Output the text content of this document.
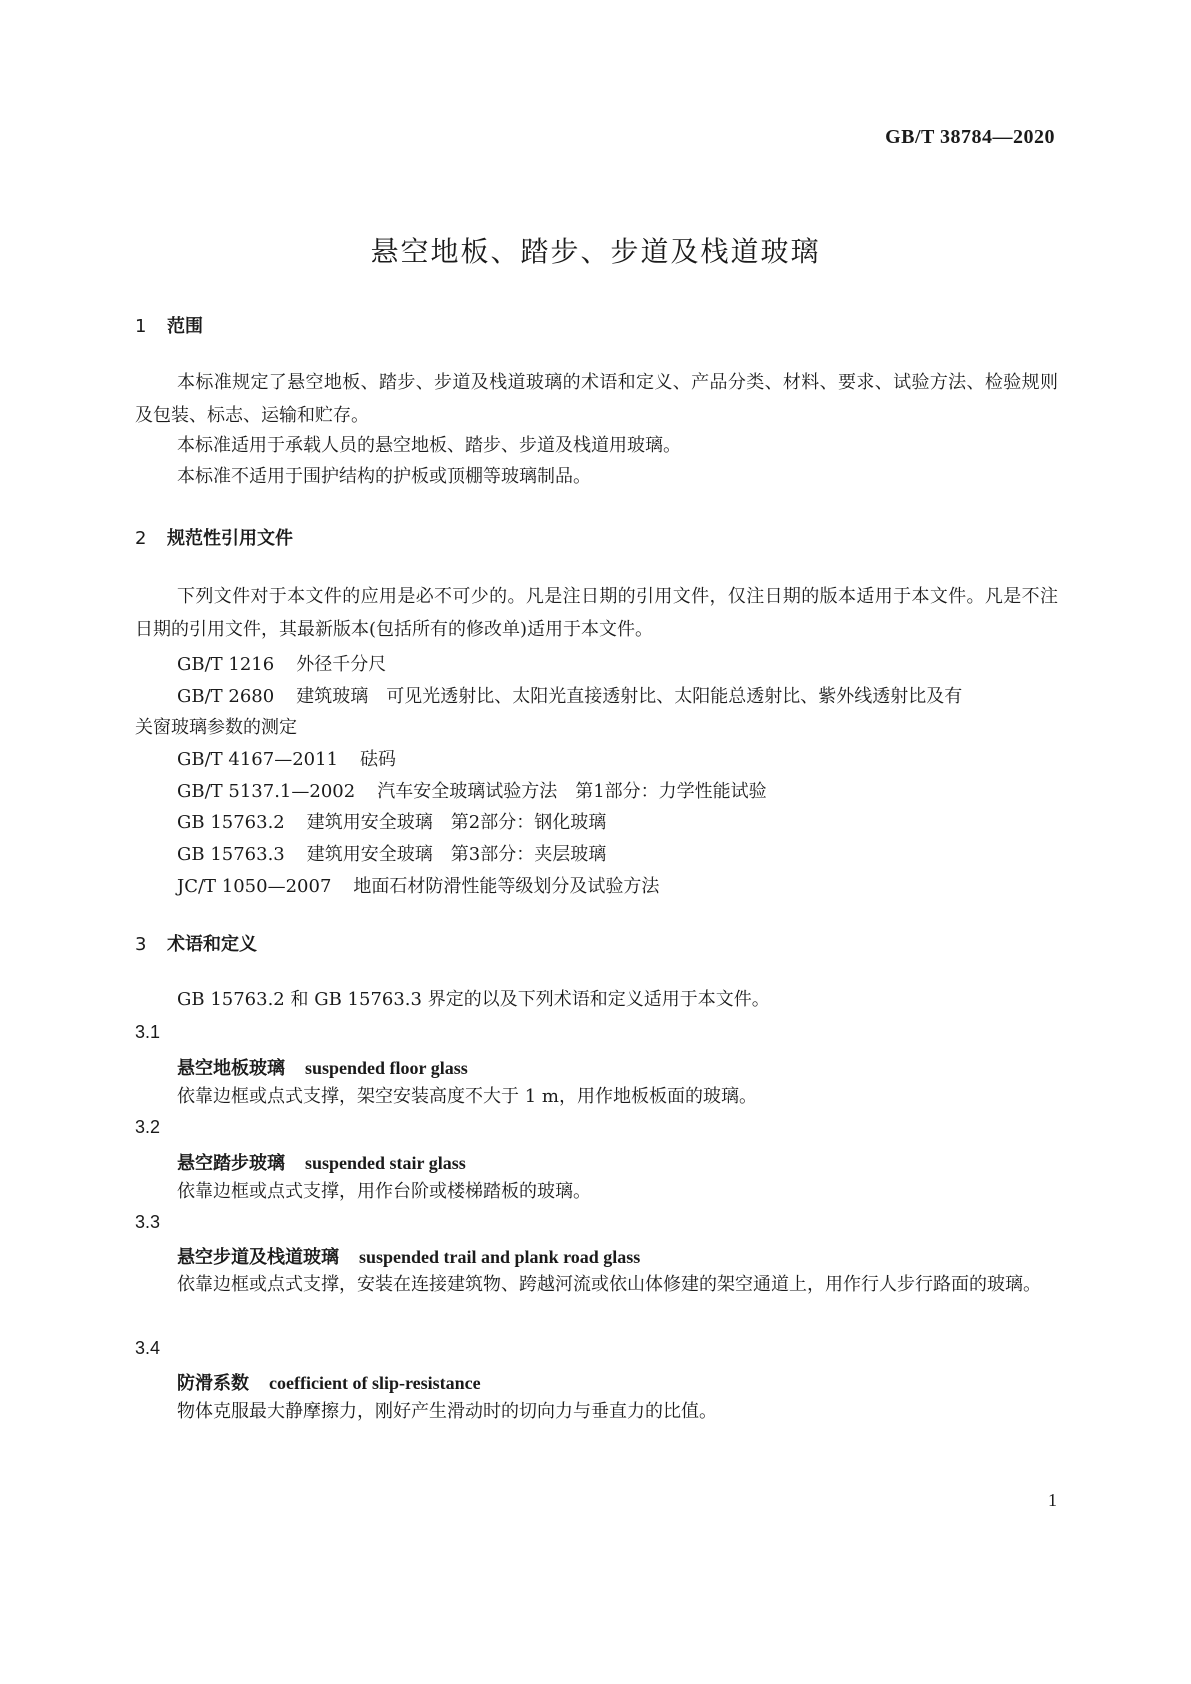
GB/T 38784—2020
悬空地板、踏步、步道及栈道玻璃
1 范围
本标准规定了悬空地板、踏步、步道及栈道玻璃的术语和定义、产品分类、材料、要求、试验方法、检验规则及包装、标志、运输和贮存。
本标准适用于承载人员的悬空地板、踏步、步道及栈道用玻璃。
本标准不适用于围护结构的护板或顶棚等玻璃制品。
2 规范性引用文件
下列文件对于本文件的应用是必不可少的。凡是注日期的引用文件，仅注日期的版本适用于本文件。凡是不注日期的引用文件，其最新版本(包括所有的修改单)适用于本文件。
GB/T 1216 外径千分尺
GB/T 2680 建筑玻璃　可见光透射比、太阳光直接透射比、太阳能总透射比、紫外线透射比及有
关窗玻璃参数的测定
GB/T 4167—2011 砝码
GB/T 5137.1—2002 汽车安全玻璃试验方法　第1部分：力学性能试验
GB 15763.2 建筑用安全玻璃　第2部分：钢化玻璃
GB 15763.3 建筑用安全玻璃　第3部分：夹层玻璃
JC/T 1050—2007 地面石材防滑性能等级划分及试验方法
3 术语和定义
GB 15763.2 和 GB 15763.3 界定的以及下列术语和定义适用于本文件。
3.1
悬空地板玻璃 suspended floor glass
依靠边框或点式支撑，架空安装高度不大于 1 m，用作地板板面的玻璃。
3.2
悬空踏步玻璃 suspended stair glass
依靠边框或点式支撑，用作台阶或楼梯踏板的玻璃。
3.3
悬空步道及栈道玻璃 suspended trail and plank road glass
依靠边框或点式支撑，安装在连接建筑物、跨越河流或依山体修建的架空通道上，用作行人步行路面的玻璃。
3.4
防滑系数 coefficient of slip-resistance
物体克服最大静摩擦力，刚好产生滑动时的切向力与垂直力的比值。
1
